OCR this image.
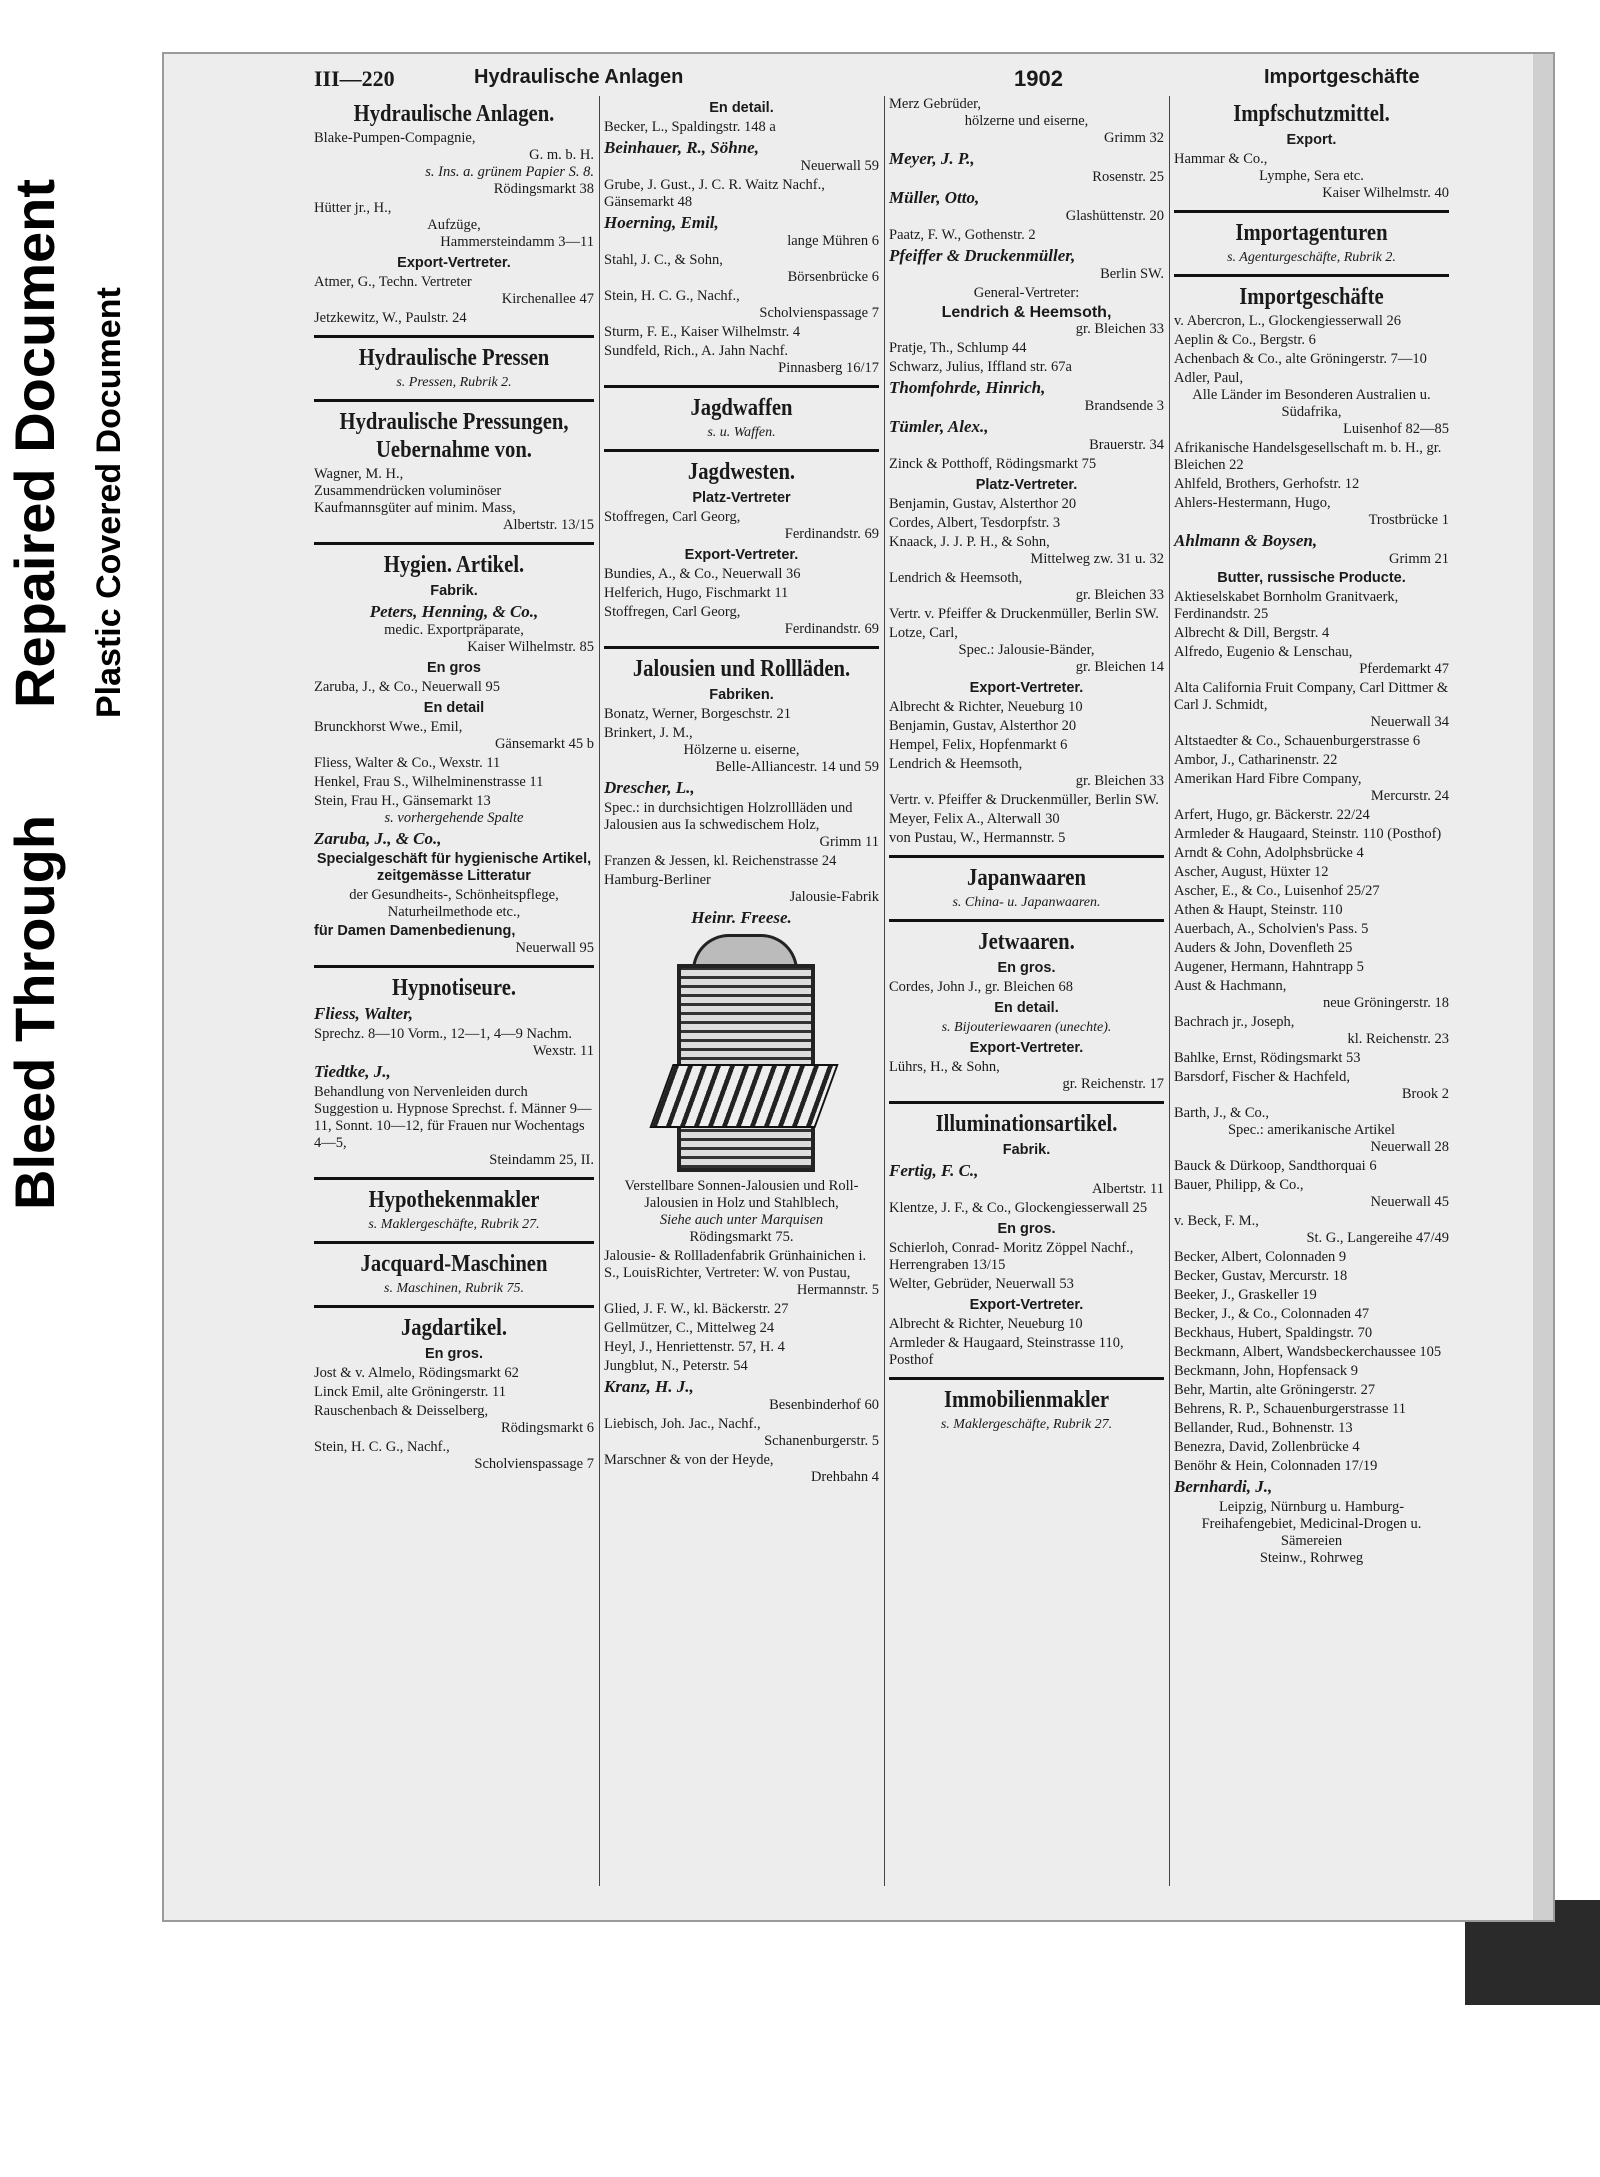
Bleed Through
Repaired Document Plastic Covered Document
III—220	Hydraulische Anlagen	1902	Importgeschäfte
Hydraulische Anlagen.
Blake-Pumpen-Compagnie,
G. m. b. H.
s. Ins. a. grünem Papier S. 8.
Rödingsmarkt 38
Hütter jr., H.,
Aufzüge,
Hammersteindamm 3—11
Export-Vertreter.
Atmer, G., Techn. Vertreter
Kirchenallee 47
Jetzkewitz, W., Paulstr. 24
Hydraulische Pressen
s. Pressen, Rubrik 2.
Hydraulische Pressungen, Uebernahme von.
Wagner, M. H.,
Zusammendrücken voluminöser Kaufmannsgüter auf minim. Mass,
Albertstr. 13/15
Hygien. Artikel.
Fabrik.
Peters, Henning, & Co.,
medic. Exportpräparate,
Kaiser Wilhelmstr. 85
En gros
Zaruba, J., & Co., Neuerwall 95
En detail
Brunckhorst Wwe., Emil,
Gänsemarkt 45 b
Fliess, Walter & Co., Wexstr. 11
Henkel, Frau S., Wilhelminenstrasse 11
Stein, Frau H., Gänsemarkt 13
s. vorhergehende Spalte
Zaruba, J., & Co.,
Specialgeschäft für hygienische Artikel, zeitgemässe Litteratur
der Gesundheits-, Schönheitspflege, Naturheilmethode etc.,
für Damen Damenbedienung,
Neuerwall 95
Hypnotiseure.
Fliess, Walter,
Sprechz. 8—10 Vorm., 12—1, 4—9 Nachm.
Wexstr. 11
Tiedtke, J.,
Behandlung von Nervenleiden durch Suggestion u. Hypnose Sprechst. f. Männer 9—11, Sonnt. 10—12, für Frauen nur Wochentags 4—5,
Steindamm 25, II.
Hypothekenmakler
s. Maklergeschäfte, Rubrik 27.
Jacquard-Maschinen
s. Maschinen, Rubrik 75.
Jagdartikel.
En gros.
Jost & v. Almelo, Rödingsmarkt 62
Linck Emil, alte Gröningerstr. 11
Rauschenbach & Deisselberg,
Rödingsmarkt 6
Stein, H. C. G., Nachf.,
Scholvienspassage 7
En detail.
Becker, L., Spaldingstr. 148 a
Beinhauer, R., Söhne,
Neuerwall 59
Grube, J. Gust., J. C. R. Waitz Nachf., Gänsemarkt 48
Hoerning, Emil,
lange Mühren 6
Stahl, J. C., & Sohn,
Börsenbrücke 6
Stein, H. C. G., Nachf.,
Scholvienspassage 7
Sturm, F. E., Kaiser Wilhelmstr. 4
Sundfeld, Rich., A. Jahn Nachf.
Pinnasberg 16/17
Jagdwaffen
s. u. Waffen.
Jagdwesten.
Platz-Vertreter
Stoffregen, Carl Georg,
Ferdinandstr. 69
Export-Vertreter.
Bundies, A., & Co., Neuerwall 36
Helferich, Hugo, Fischmarkt 11
Stoffregen, Carl Georg,
Ferdinandstr. 69
Jalousien und Rollläden.
Fabriken.
Bonatz, Werner, Borgeschstr. 21
Brinkert, J. M.,
Hölzerne u. eiserne,
Belle-Alliancestr. 14 und 59
Drescher, L.,
Spec.: in durchsichtigen Holzrollläden und Jalousien aus Ia schwedischem Holz,
Grimm 11
Franzen & Jessen, kl. Reichenstrasse 24
Hamburg-Berliner
Jalousie-Fabrik
Heinr. Freese.
Verstellbare Sonnen-Jalousien und Roll-Jalousien in Holz und Stahlblech,
Siehe auch unter Marquisen
Rödingsmarkt 75.
Jalousie- & Rollladenfabrik Grünhainichen i. S., LouisRichter, Vertreter: W. von Pustau,
Hermannstr. 5
Glied, J. F. W., kl. Bäckerstr. 27
Gellmützer, C., Mittelweg 24
Heyl, J., Henriettenstr. 57, H. 4
Jungblut, N., Peterstr. 54
Kranz, H. J.,
Besenbinderhof 60
Liebisch, Joh. Jac., Nachf.,
Schanenburgerstr. 5
Marschner & von der Heyde,
Drehbahn 4
Merz Gebrüder,
hölzerne und eiserne,
Grimm 32
Meyer, J. P.,
Rosenstr. 25
Müller, Otto,
Glashüttenstr. 20
Paatz, F. W., Gothenstr. 2
Pfeiffer & Druckenmüller,
Berlin SW.
General-Vertreter:
Lendrich & Heemsoth,
gr. Bleichen 33
Pratje, Th., Schlump 44
Schwarz, Julius, Iffland str. 67a
Thomfohrde, Hinrich,
Brandsende 3
Tümler, Alex.,
Brauerstr. 34
Zinck & Potthoff, Rödingsmarkt 75
Platz-Vertreter.
Benjamin, Gustav, Alsterthor 20
Cordes, Albert, Tesdorpfstr. 3
Knaack, J. J. P. H., & Sohn,
Mittelweg zw. 31 u. 32
Lendrich & Heemsoth,
gr. Bleichen 33
Vertr. v. Pfeiffer & Druckenmüller, Berlin SW.
Lotze, Carl,
Spec.: Jalousie-Bänder,
gr. Bleichen 14
Export-Vertreter.
Albrecht & Richter, Neueburg 10
Benjamin, Gustav, Alsterthor 20
Hempel, Felix, Hopfenmarkt 6
Lendrich & Heemsoth,
gr. Bleichen 33
Vertr. v. Pfeiffer & Druckenmüller, Berlin SW.
Meyer, Felix A., Alterwall 30
von Pustau, W., Hermannstr. 5
Japanwaaren
s. China- u. Japanwaaren.
Jetwaaren.
En gros.
Cordes, John J., gr. Bleichen 68
En detail.
s. Bijouteriewaaren (unechte).
Export-Vertreter.
Lührs, H., & Sohn,
gr. Reichenstr. 17
Illuminationsartikel.
Fabrik.
Fertig, F. C.,
Albertstr. 11
Klentze, J. F., & Co., Glockengiesserwall 25
En gros.
Schierloh, Conrad- Moritz Zöppel Nachf., Herrengraben 13/15
Welter, Gebrüder, Neuerwall 53
Export-Vertreter.
Albrecht & Richter, Neueburg 10
Armleder & Haugaard, Steinstrasse 110, Posthof
Immobilienmakler
s. Maklergeschäfte, Rubrik 27.
Impfschutzmittel.
Export.
Hammar & Co.,
Lymphe, Sera etc.
Kaiser Wilhelmstr. 40
Importagenturen
s. Agenturgeschäfte, Rubrik 2.
Importgeschäfte
v. Abercron, L., Glockengiesserwall 26
Aeplin & Co., Bergstr. 6
Achenbach & Co., alte Gröningerstr. 7—10
Adler, Paul,
Alle Länder im Besonderen Australien u. Südafrika,
Luisenhof 82—85
Afrikanische Handelsgesellschaft m. b. H., gr. Bleichen 22
Ahlfeld, Brothers, Gerhofstr. 12
Ahlers-Hestermann, Hugo,
Trostbrücke 1
Ahlmann & Boysen,
Grimm 21
Butter, russische Producte.
Aktieselskabet Bornholm Granitvaerk, Ferdinandstr. 25
Albrecht & Dill, Bergstr. 4
Alfredo, Eugenio & Lenschau,
Pferdemarkt 47
Alta California Fruit Company, Carl Dittmer & Carl J. Schmidt,
Neuerwall 34
Altstaedter & Co., Schauenburgerstrasse 6
Ambor, J., Catharinenstr. 22
Amerikan Hard Fibre Company,
Mercurstr. 24
Arfert, Hugo, gr. Bäckerstr. 22/24
Armleder & Haugaard, Steinstr. 110 (Posthof)
Arndt & Cohn, Adolphsbrücke 4
Ascher, August, Hüxter 12
Ascher, E., & Co., Luisenhof 25/27
Athen & Haupt, Steinstr. 110
Auerbach, A., Scholvien's Pass. 5
Auders & John, Dovenfleth 25
Augener, Hermann, Hahntrapp 5
Aust & Hachmann,
neue Gröningerstr. 18
Bachrach jr., Joseph,
kl. Reichenstr. 23
Bahlke, Ernst, Rödingsmarkt 53
Barsdorf, Fischer & Hachfeld,
Brook 2
Barth, J., & Co.,
Spec.: amerikanische Artikel
Neuerwall 28
Bauck & Dürkoop, Sandthorquai 6
Bauer, Philipp, & Co.,
Neuerwall 45
v. Beck, F. M.,
St. G., Langereihe 47/49
Becker, Albert, Colonnaden 9
Becker, Gustav, Mercurstr. 18
Beeker, J., Graskeller 19
Becker, J., & Co., Colonnaden 47
Beckhaus, Hubert, Spaldingstr. 70
Beckmann, Albert, Wandsbeckerchaussee 105
Beckmann, John, Hopfensack 9
Behr, Martin, alte Gröningerstr. 27
Behrens, R. P., Schauenburgerstrasse 11
Bellander, Rud., Bohnenstr. 13
Benezra, David, Zollenbrücke 4
Benöhr & Hein, Colonnaden 17/19
Bernhardi, J.,
Leipzig, Nürnburg u. Hamburg-Freihafengebiet, Medicinal-Drogen u. Sämereien
Steinw., Rohrweg
